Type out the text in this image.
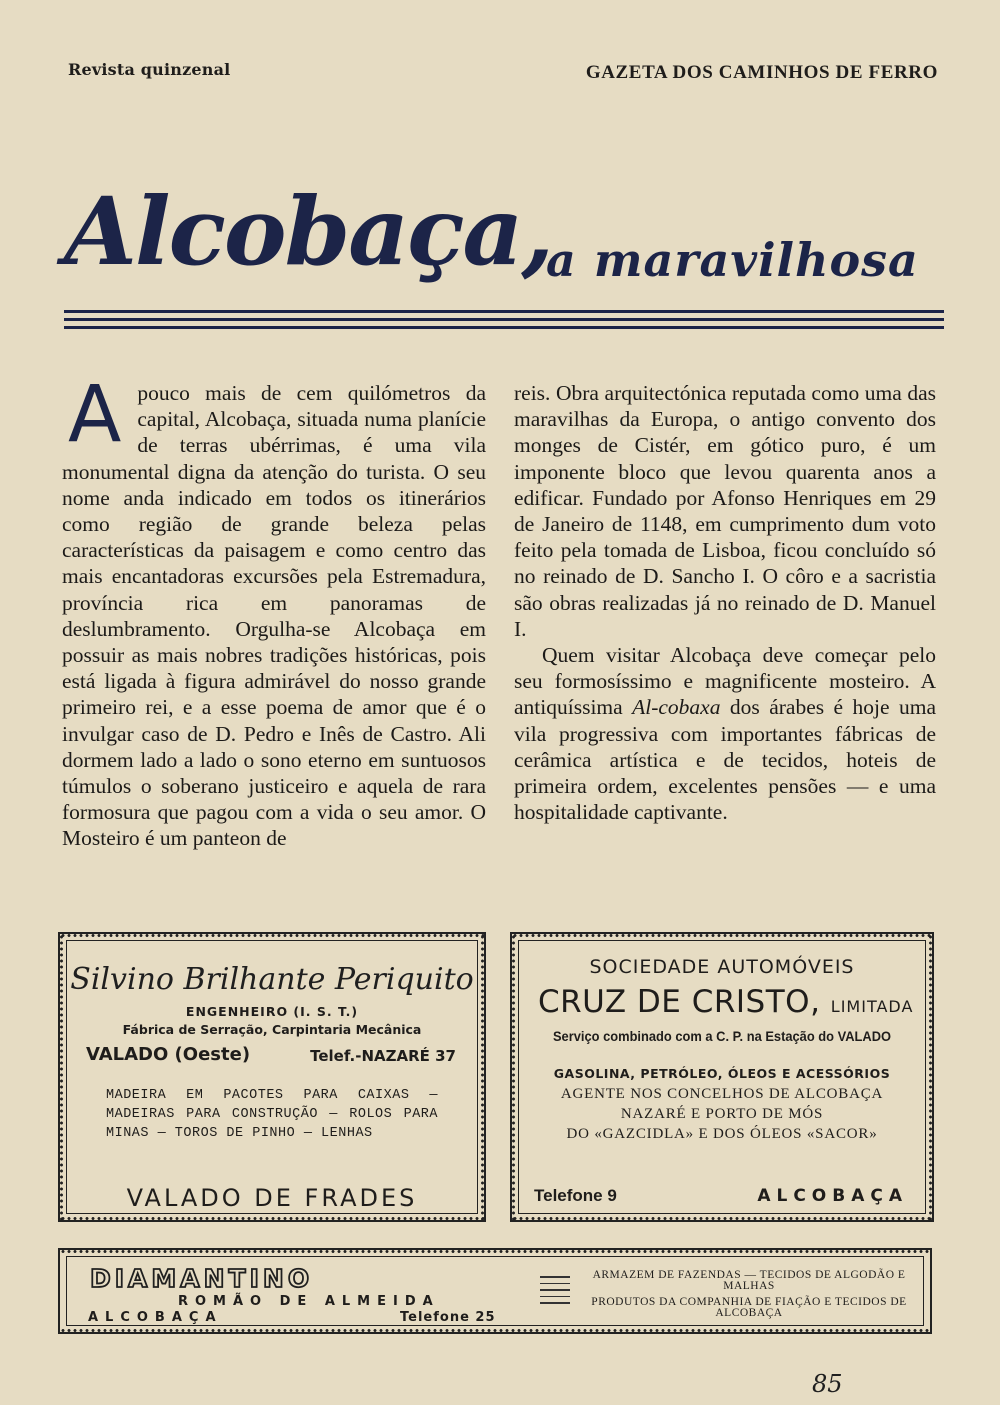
Revista quinzenal	GAZETA DOS CAMINHOS DE FERRO
Alcobaça,
a maravilhosa
A pouco mais de cem quilómetros da capital, Alcobaça, situada numa planície de terras ubérrimas, é uma vila monumental digna da atenção do turista. O seu nome anda indicado em todos os itinerários como região de grande beleza pelas características da paisagem e como centro das mais encantadoras excursões pela Estremadura, província rica em panoramas de deslumbramento. Orgulha-se Alcobaça em possuir as mais nobres tradições históricas, pois está ligada à figura admirável do nosso grande primeiro rei, e a esse poema de amor que é o invulgar caso de D. Pedro e Inês de Castro. Ali dormem lado a lado o sono eterno em suntuosos túmulos o soberano justiceiro e aquela de rara formosura que pagou com a vida o seu amor. O Mosteiro é um panteon de

reis. Obra arquitectónica reputada como uma das maravilhas da Europa, o antigo convento dos monges de Cistér, em gótico puro, é um imponente bloco que levou quarenta anos a edificar. Fundado por Afonso Henriques em 29 de Janeiro de 1148, em cumprimento dum voto feito pela tomada de Lisboa, ficou concluído só no reinado de D. Sancho I. O côro e a sacristia são obras realizadas já no reinado de D. Manuel I.

Quem visitar Alcobaça deve começar pelo seu formosíssimo e magnificente mosteiro. A antiquíssima Al-cobaxa dos árabes é hoje uma vila progressiva com importantes fábricas de cerâmica artística e de tecidos, hoteis de primeira ordem, excelentes pensões — e uma hospitalidade captivante.

Silvino Brilhante Periquito
ENGENHEIRO (I. S. T.)
Fábrica de Serração, Carpintaria Mecânica
VALADO (Oeste)	Telef.-NAZARÉ 37
MADEIRA EM PACOTES PARA CAIXAS — MADEIRAS PARA CONSTRUÇÃO — ROLOS PARA MINAS — TOROS DE PINHO — LENHAS
VALADO DE FRADES
SOCIEDADE AUTOMÓVEIS
CRUZ DE CRISTO, LIMITADA
Serviço combinado com a C. P. na Estação do VALADO
GASOLINA, PETRÓLEO, ÓLEOS E ACESSÓRIOS
AGENTE NOS CONCELHOS DE ALCOBAÇA
NAZARÉ E PORTO DE MÓS
DO «GAZCIDLA» E DOS ÓLEOS «SACOR»
Telefone 9	ALCOBAÇA
DIAMANTINO
ROMÃO DE ALMEIDA
ALCOBAÇA	Telefone 25
ARMAZEM DE FAZENDAS — TECIDOS DE ALGODÃO E MALHAS
PRODUTOS DA COMPANHIA DE FIAÇÃO E TECIDOS DE ALCOBAÇA
85
